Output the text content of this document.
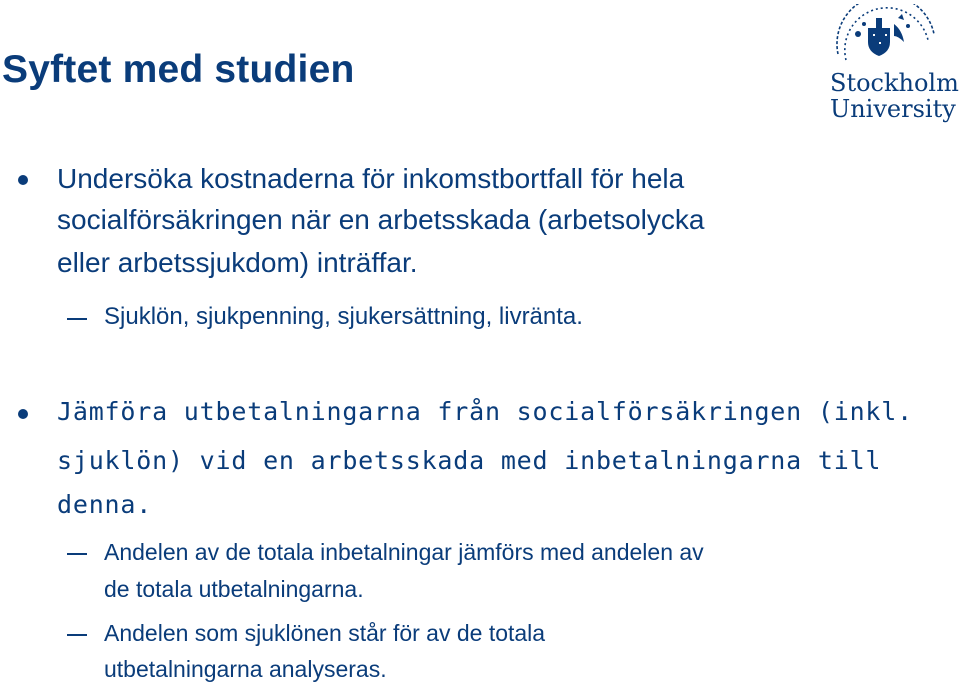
Syftet med studien	Stockholm
University

Undersöka kostnaderna för inkomstbortfall för hela

socialförsäkringen när en arbetsskada (arbetsolycka

eller arbetssjukdom) inträffar.

Sjuklön, sjukpenning, sjukersättning, livränta.

Jämföra utbetalningarna från socialförsäkringen (inkl.

sjuklön) vid en arbetsskada med inbetalningarna till

denna.

Andelen av de totala inbetalningar jämförs med andelen av

de totala utbetalningarna.

Andelen som sjuklönen står för av de totala

utbetalningarna analyseras.
